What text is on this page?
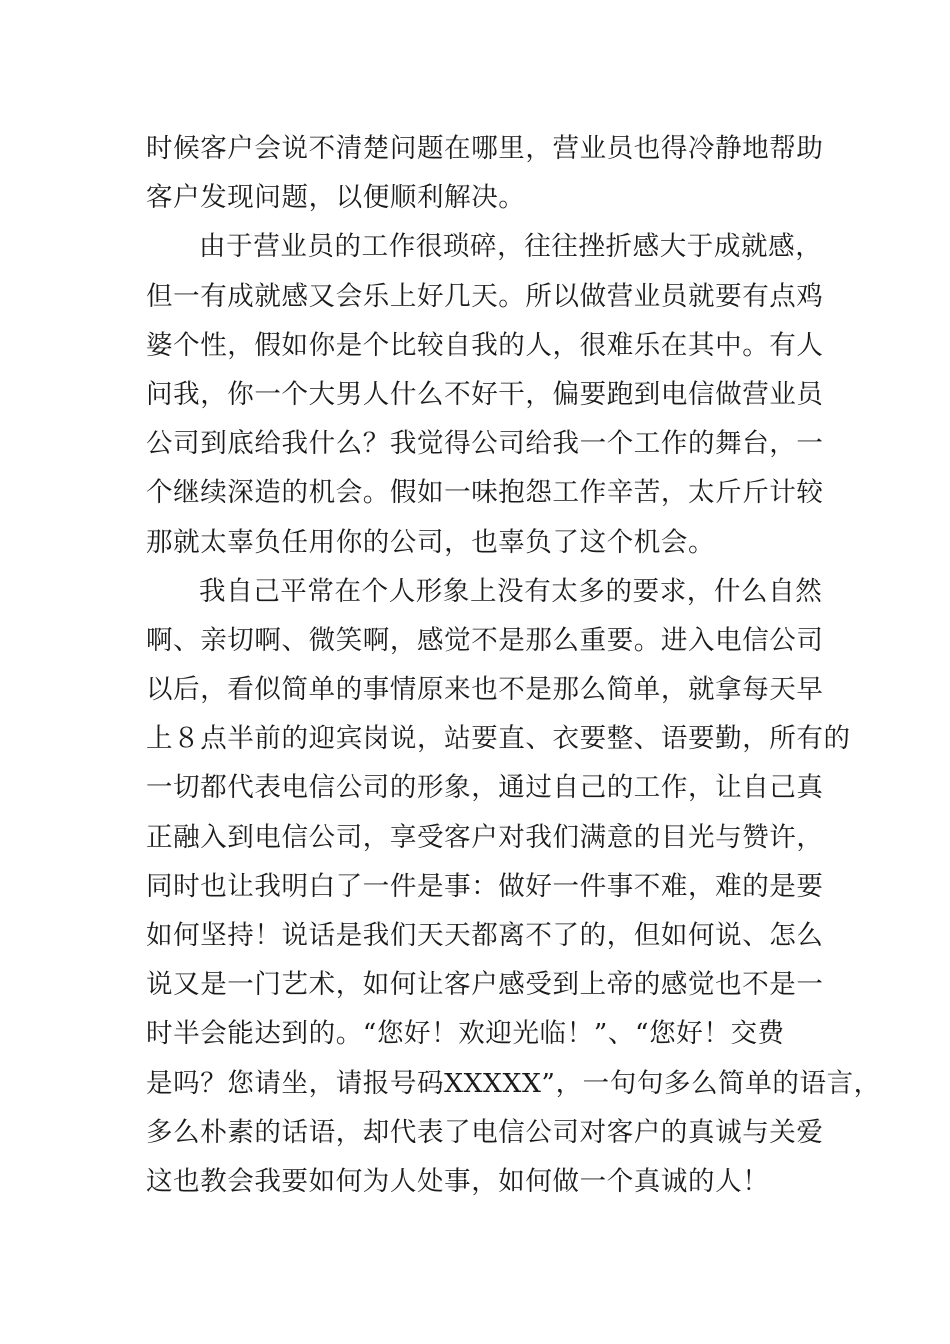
时候客户会说不清楚问题在哪里，营业员也得冷静地帮助
客户发现问题，以便顺利解决。
由于营业员的工作很琐碎，往往挫折感大于成就感，
但一有成就感又会乐上好几天。所以做营业员就要有点鸡
婆个性，假如你是个比较自我的人，很难乐在其中。有人
问我，你一个大男人什么不好干，偏要跑到电信做营业员
公司到底给我什么？我觉得公司给我一个工作的舞台，一
个继续深造的机会。假如一味抱怨工作辛苦，太斤斤计较
那就太辜负任用你的公司，也辜负了这个机会。
我自己平常在个人形象上没有太多的要求，什么自然
啊、亲切啊、微笑啊，感觉不是那么重要。进入电信公司
以后，看似简单的事情原来也不是那么简单，就拿每天早
上８点半前的迎宾岗说，站要直、衣要整、语要勤，所有的
一切都代表电信公司的形象，通过自己的工作，让自己真
正融入到电信公司，享受客户对我们满意的目光与赞许，
同时也让我明白了一件是事：做好一件事不难，难的是要
如何坚持！说话是我们天天都离不了的，但如何说、怎么
说又是一门艺术，如何让客户感受到上帝的感觉也不是一
时半会能达到的。“您好！欢迎光临！”、“您好！交费
是吗？您请坐，请报号码XXXXX”，一句句多么简单的语言，
多么朴素的话语，却代表了电信公司对客户的真诚与关爱
这也教会我要如何为人处事，如何做一个真诚的人！
